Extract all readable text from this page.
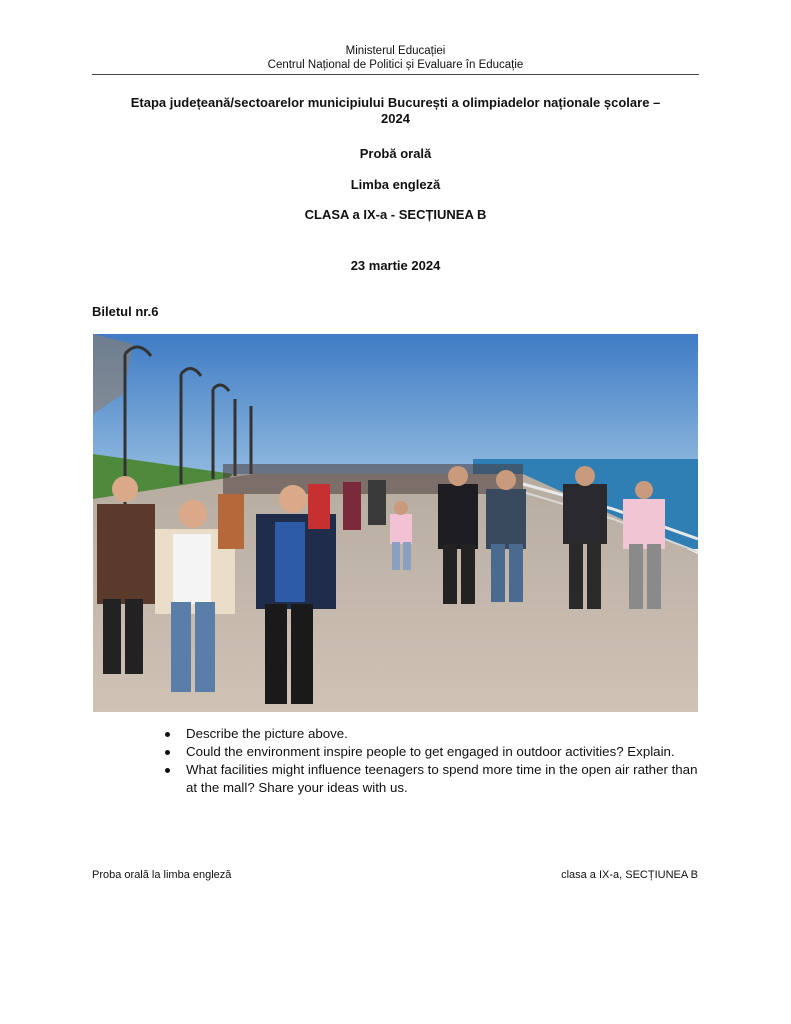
Ministerul Educației
Centrul Național de Politici și Evaluare în Educație
Etapa județeană/sectoarelor municipiului București a olimpiadelor naționale școlare –
2024
Probă orală
Limba engleză
CLASA a IX-a - SECȚIUNEA B
23 martie 2024
Biletul nr.6
Describe the picture above.
Could the environment inspire people to get engaged in outdoor activities? Explain.
What facilities might influence teenagers to spend more time in the open air rather than at the mall? Share your ideas with us.
Proba orală la limba engleză	clasa a IX-a, SECȚIUNEA B
